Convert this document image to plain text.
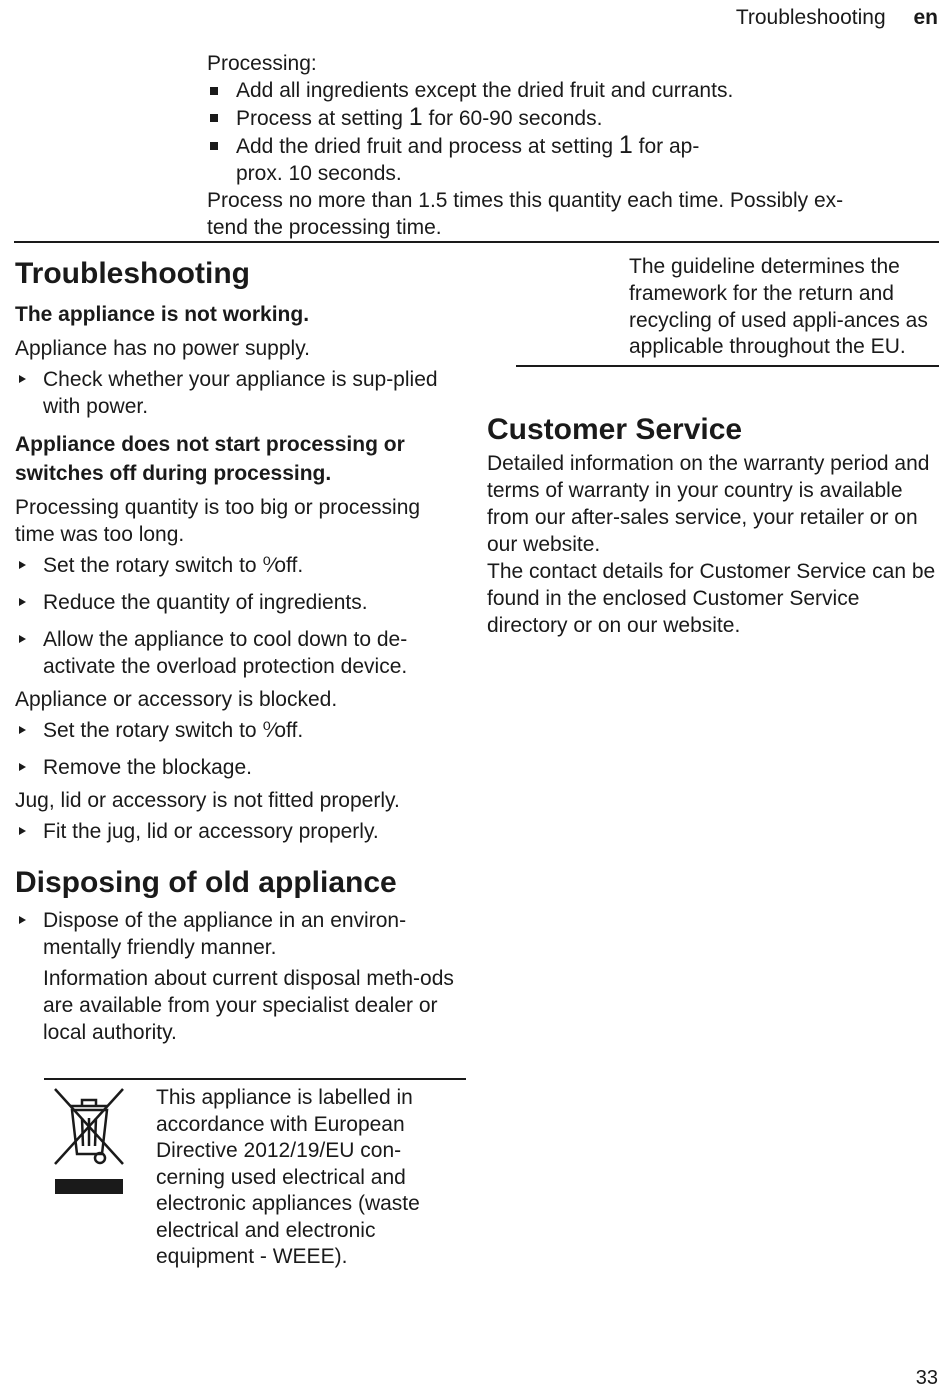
Troubleshooting en

Processing:

Add all ingredients except the dried fruit and currants.
Process at setting 1 for 60-90 seconds.
Add the dried fruit and process at setting 1 for ap-
prox. 10 seconds.

Process no more than 1.5 times this quantity each time. Possibly ex-
tend the processing time.

Troubleshooting
The appliance is not working.

Appliance has no power supply.

Check whether your appliance is sup-plied with power.

Appliance does not start processing or switches off during processing.

Processing quantity is too big or processing time was too long.

Set the rotary switch to ⁰⁄off.

Reduce the quantity of ingredients.

Allow the appliance to cool down to de-activate the overload protection device.

Appliance or accessory is blocked.

Set the rotary switch to ⁰⁄off.

Remove the blockage.

Jug, lid or accessory is not fitted properly.

Fit the jug, lid or accessory properly.

Disposing of old appliance

Dispose of the appliance in an environ-mentally friendly manner.

Information about current disposal meth-ods are available from your specialist dealer or local authority.

This appliance is labelled in accordance with European Directive 2012/19/EU con-cerning used electrical and electronic appliances (waste electrical and electronic equipment - WEEE).

The guideline determines the framework for the return and recycling of used appli-ances as applicable throughout the EU.

Customer Service

Detailed information on the warranty period and terms of warranty in your country is available from our after-sales service, your retailer or on our website.

The contact details for Customer Service can be found in the enclosed Customer Service directory or on our website.

33
